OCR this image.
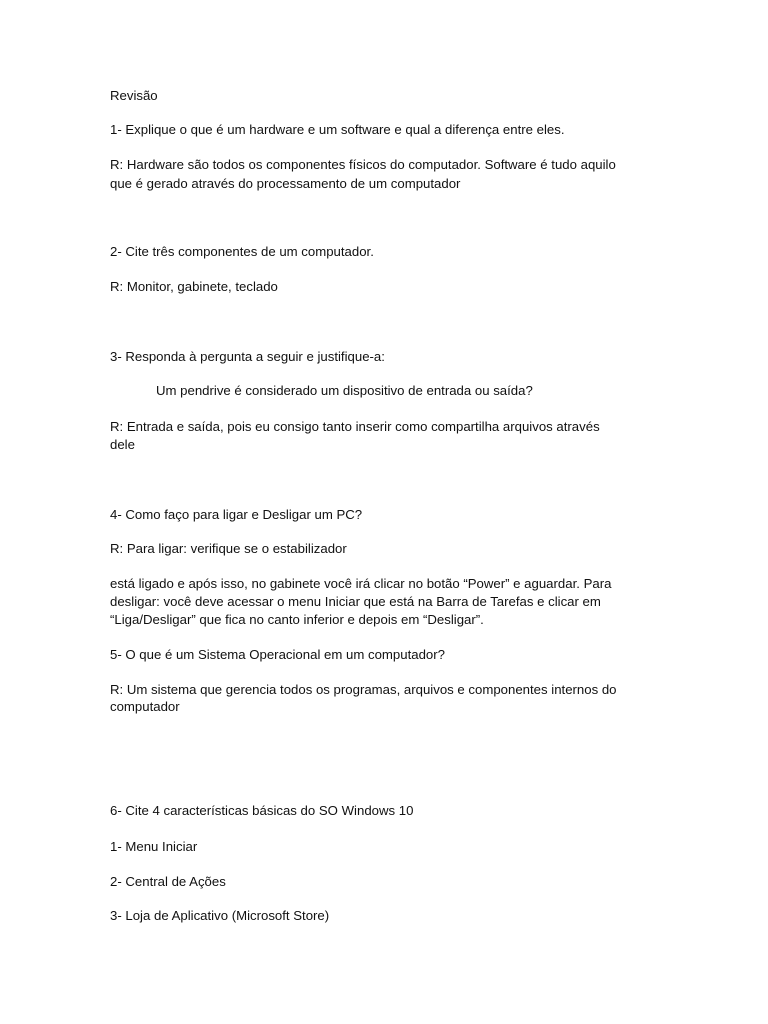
Revisão

1- Explique o que é um hardware e um software e qual a diferença entre eles.

R: Hardware são todos os componentes físicos do computador. Software é tudo aquilo

que é gerado através do processamento de um computador

2- Cite três componentes de um computador.

R: Monitor, gabinete, teclado

3- Responda à pergunta a seguir e justifique-a:

Um pendrive é considerado um dispositivo de entrada ou saída?

R: Entrada e saída, pois eu consigo tanto inserir como compartilha arquivos através

dele

4- Como faço para ligar e Desligar um PC?

R: Para ligar: verifique se o estabilizador

está ligado e após isso, no gabinete você irá clicar no botão “Power” e aguardar. Para

desligar: você deve acessar o menu Iniciar que está na Barra de Tarefas e clicar em

“Liga/Desligar” que fica no canto inferior e depois em “Desligar”.

5- O que é um Sistema Operacional em um computador?

R: Um sistema que gerencia todos os programas, arquivos e componentes internos do

computador

6- Cite 4 características básicas do SO Windows 10

1- Menu Iniciar

2- Central de Ações

3- Loja de Aplicativo (Microsoft Store)
